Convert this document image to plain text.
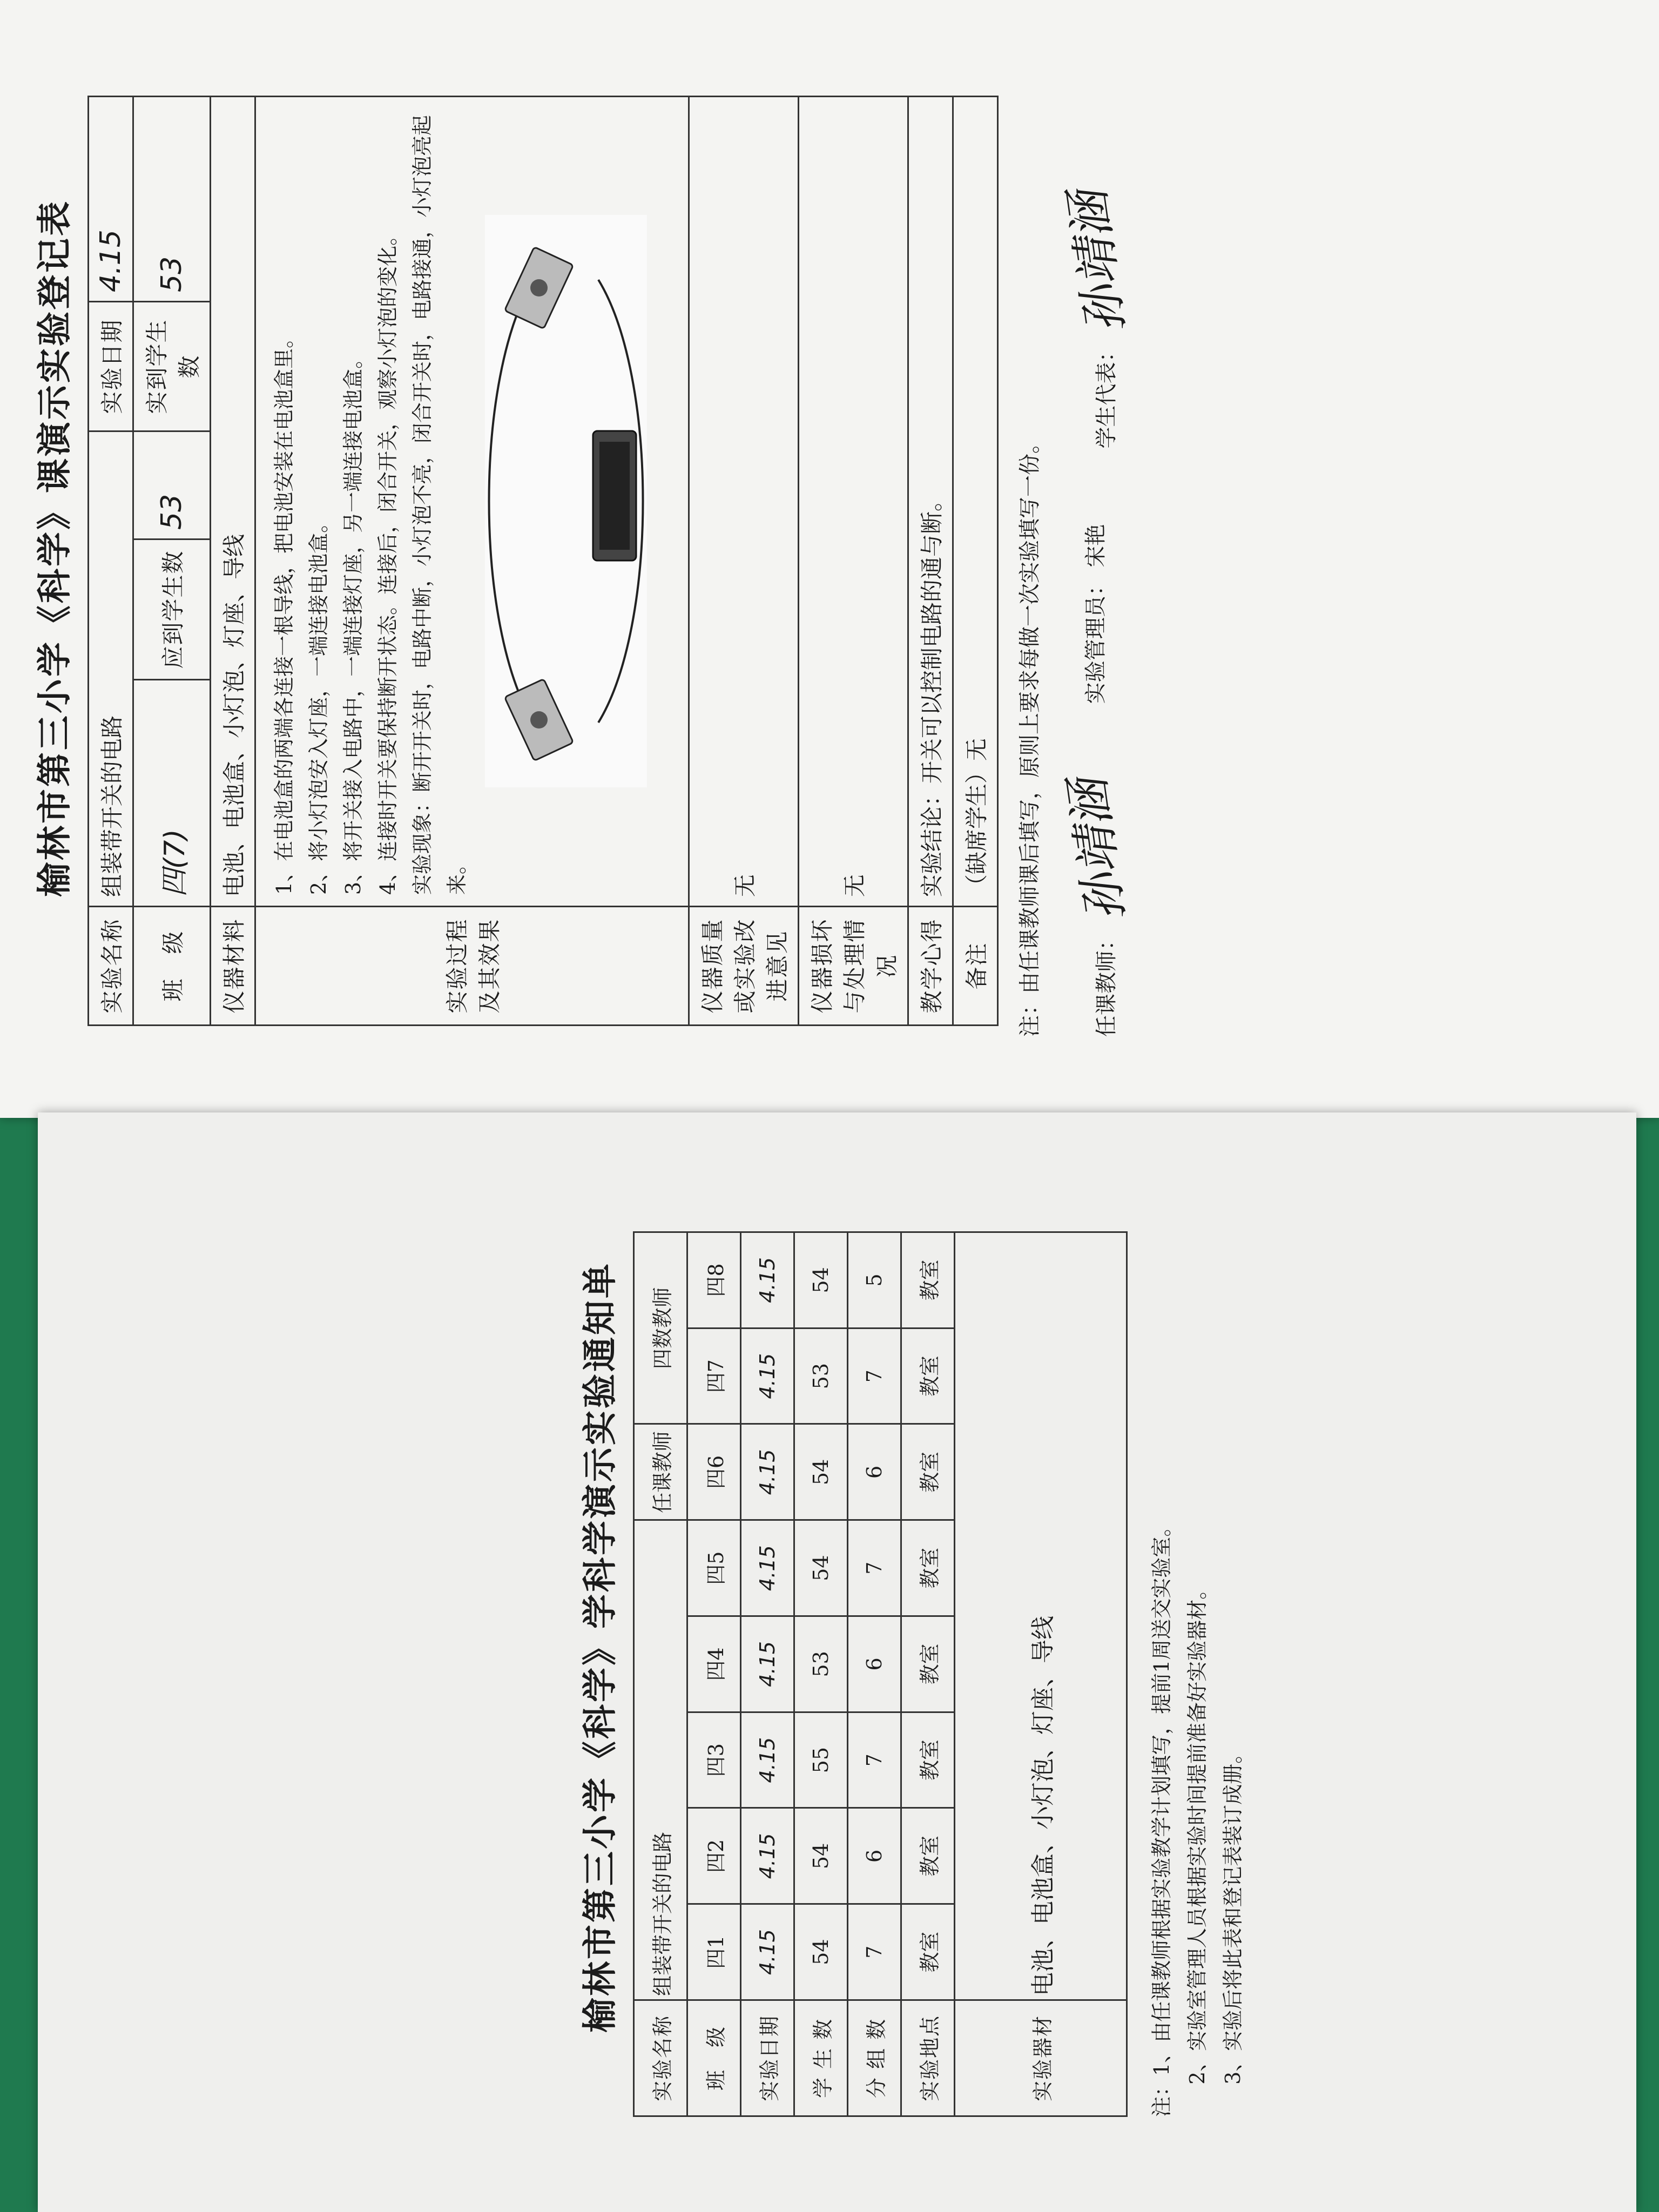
榆林市第三小学《科学》课演示实验登记表
实验名称	组装带开关的电路			实验日期	4.15
班　级	四(7)	应到学生数	53	实到学生数	53
仪器材料	电池、电池盒、小灯泡、灯座、导线				
实验过程及其效果	1、在电池盒的两端各连接一根导线，把电池安装在电池盒里。 2、将小灯泡安入灯座，一端连接电池盒。 3、将开关接入电路中，一端连接灯座，另一端连接电池盒。 4、连接时开关要保持断开状态。连接后，闭合开关，观察小灯泡的变化。 实验现象：断开开关时，电路中断，小灯泡不亮，闭合开关时，电路接通，小灯泡亮起来。				

仪器质量或实验改进意见	无				
仪器损坏与处理情况	无				
教学心得	实验结论：开关可以控制电路的通与断。				
备注	（缺席学生）无				注：由任课教师课后填写，原则上要求每做一次实验填写一份。	任课教师： 孙靖涵
实验管理员： 宋艳
学生代表： 孙靖涵
榆林市第三小学《科学》学科学演示实验通知单
实验名称	组装带开关的电路					任课教师	四数教师	
班　级	四1	四2	四3	四4	四5	四6	四7	四8
实验日期	4.15	4.15	4.15	4.15	4.15	4.15	4.15	4.15
学 生 数	54	54	55	53	54	54	53	54
分 组 数	7	6	7	6	7	6	7	5
实验地点	教室	教室	教室	教室	教室	教室	教室	教室
实验器材	电池、电池盒、小灯泡、灯座、导线								注：1、由任课教师根据实验教学计划填写，提前1周送交实验室。 2、实验室管理人员根据实验时间提前准备好实验器材。 3、实验后将此表和登记表装订成册。
